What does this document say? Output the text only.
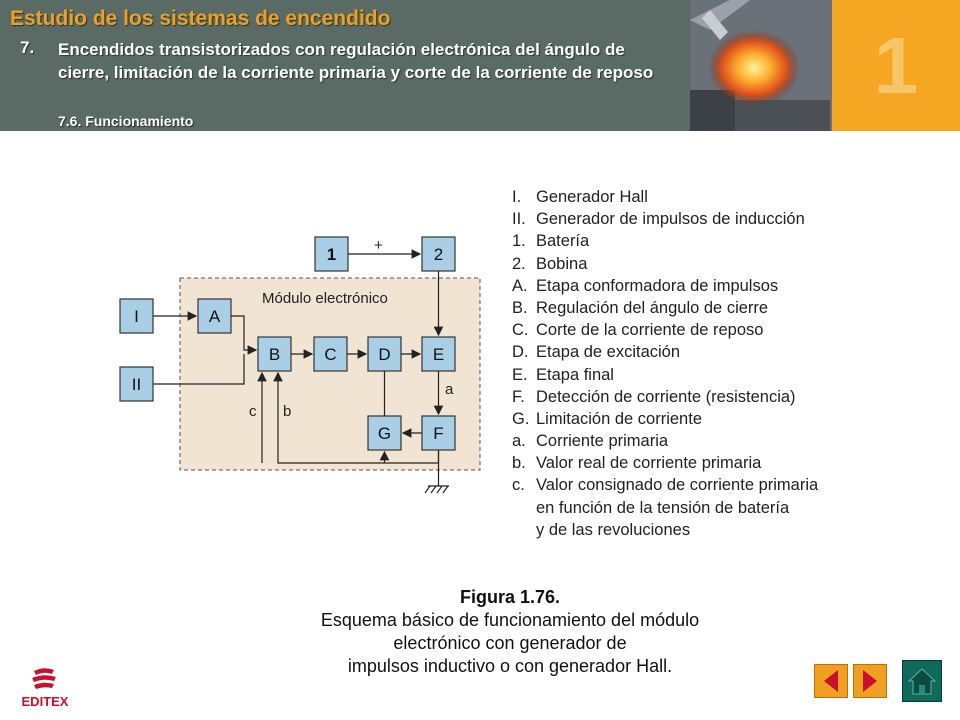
Estudio de los sistemas de encendido
7. Encendidos transistorizados con regulación electrónica del ángulo de cierre, limitación de la corriente primaria y corte de la corriente de reposo
7.6. Funcionamiento
1
Módulo electrónico
1	2
I	A
B	C D E
II
G F
+
a
c b
I. Generador Hall
II. Generador de impulsos de inducción
1. Batería
2. Bobina
A. Etapa conformadora de impulsos
B. Regulación del ángulo de cierre
C. Corte de la corriente de reposo
D. Etapa de excitación
E. Etapa final
F. Detección de corriente (resistencia)
G. Limitación de corriente
a. Corriente primaria
b. Valor real de corriente primaria
c. Valor consignado de corriente primaria
en función de la tensión de batería
y de las revoluciones
Figura 1.76.
Esquema básico de funcionamiento del módulo
electrónico con generador de
impulsos inductivo o con generador Hall.
EDITEX
